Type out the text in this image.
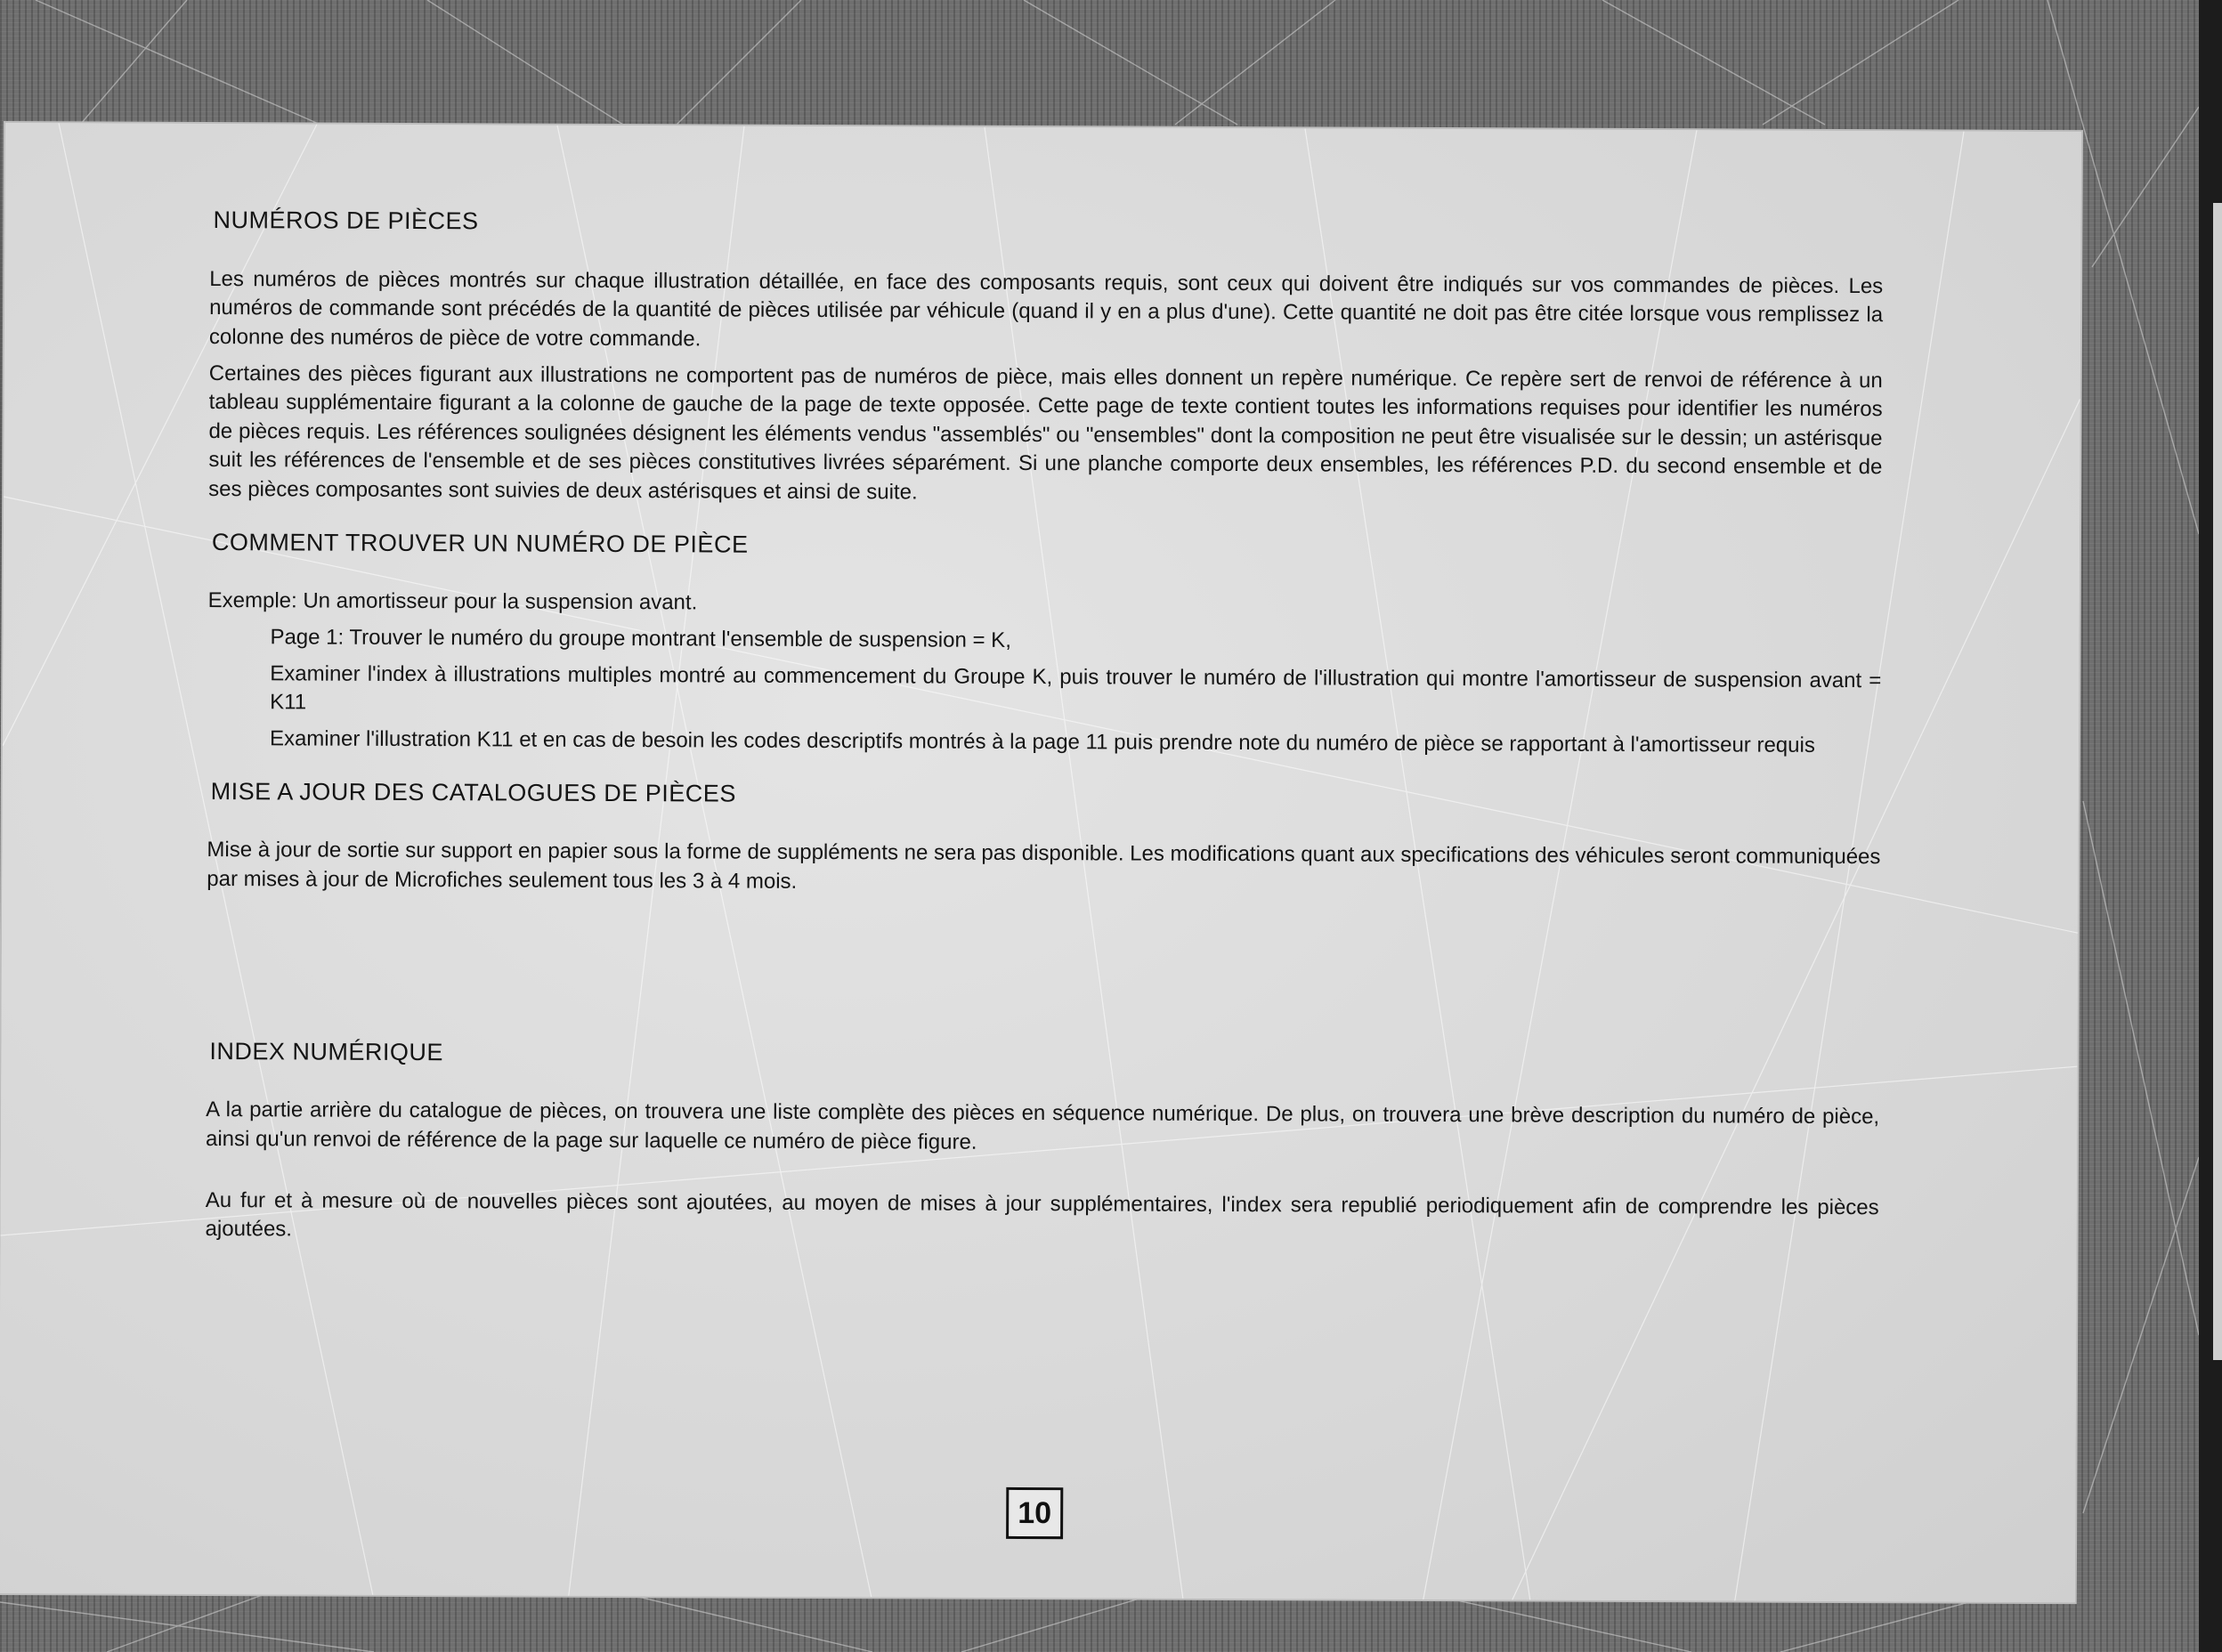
NUMÉROS DE PIÈCES

Les numéros de pièces montrés sur chaque illustration détaillée, en face des composants requis, sont ceux qui doivent être indiqués sur vos commandes de pièces. Les numéros de commande sont précédés de la quantité de pièces utilisée par véhicule (quand il y en a plus d'une). Cette quantité ne doit pas être citée lorsque vous remplissez la colonne des numéros de pièce de votre commande.

Certaines des pièces figurant aux illustrations ne comportent pas de numéros de pièce, mais elles donnent un repère numérique. Ce repère sert de renvoi de référence à un tableau supplémentaire figurant a la colonne de gauche de la page de texte opposée. Cette page de texte contient toutes les informations requises pour identifier les numéros de pièces requis. Les références soulignées désignent les éléments vendus "assemblés" ou "ensembles" dont la composition ne peut être visualisée sur le dessin; un astérisque suit les références de l'ensemble et de ses pièces constitutives livrées séparément. Si une planche comporte deux ensembles, les références P.D. du second ensemble et de ses pièces composantes sont suivies de deux astérisques et ainsi de suite.

COMMENT TROUVER UN NUMÉRO DE PIÈCE

Exemple: Un amortisseur pour la suspension avant.

Page 1: Trouver le numéro du groupe montrant l'ensemble de suspension = K,

Examiner l'index à illustrations multiples montré au commencement du Groupe K, puis trouver le numéro de l'illustration qui montre l'amortisseur de suspension avant = K11

Examiner l'illustration K11 et en cas de besoin les codes descriptifs montrés à la page 11 puis prendre note du numéro de pièce se rapportant à l'amortisseur requis

MISE A JOUR DES CATALOGUES DE PIÈCES

Mise à jour de sortie sur support en papier sous la forme de suppléments ne sera pas disponible. Les modifications quant aux specifications des véhicules seront communiquées par mises à jour de Microfiches seulement tous les 3 à 4 mois.

INDEX NUMÉRIQUE

A la partie arrière du catalogue de pièces, on trouvera une liste complète des pièces en séquence numérique. De plus, on trouvera une brève description du numéro de pièce, ainsi qu'un renvoi de référence de la page sur laquelle ce numéro de pièce figure.

Au fur et à mesure où de nouvelles pièces sont ajoutées, au moyen de mises à jour supplémentaires, l'index sera republié periodiquement afin de comprendre les pièces ajoutées.

10
